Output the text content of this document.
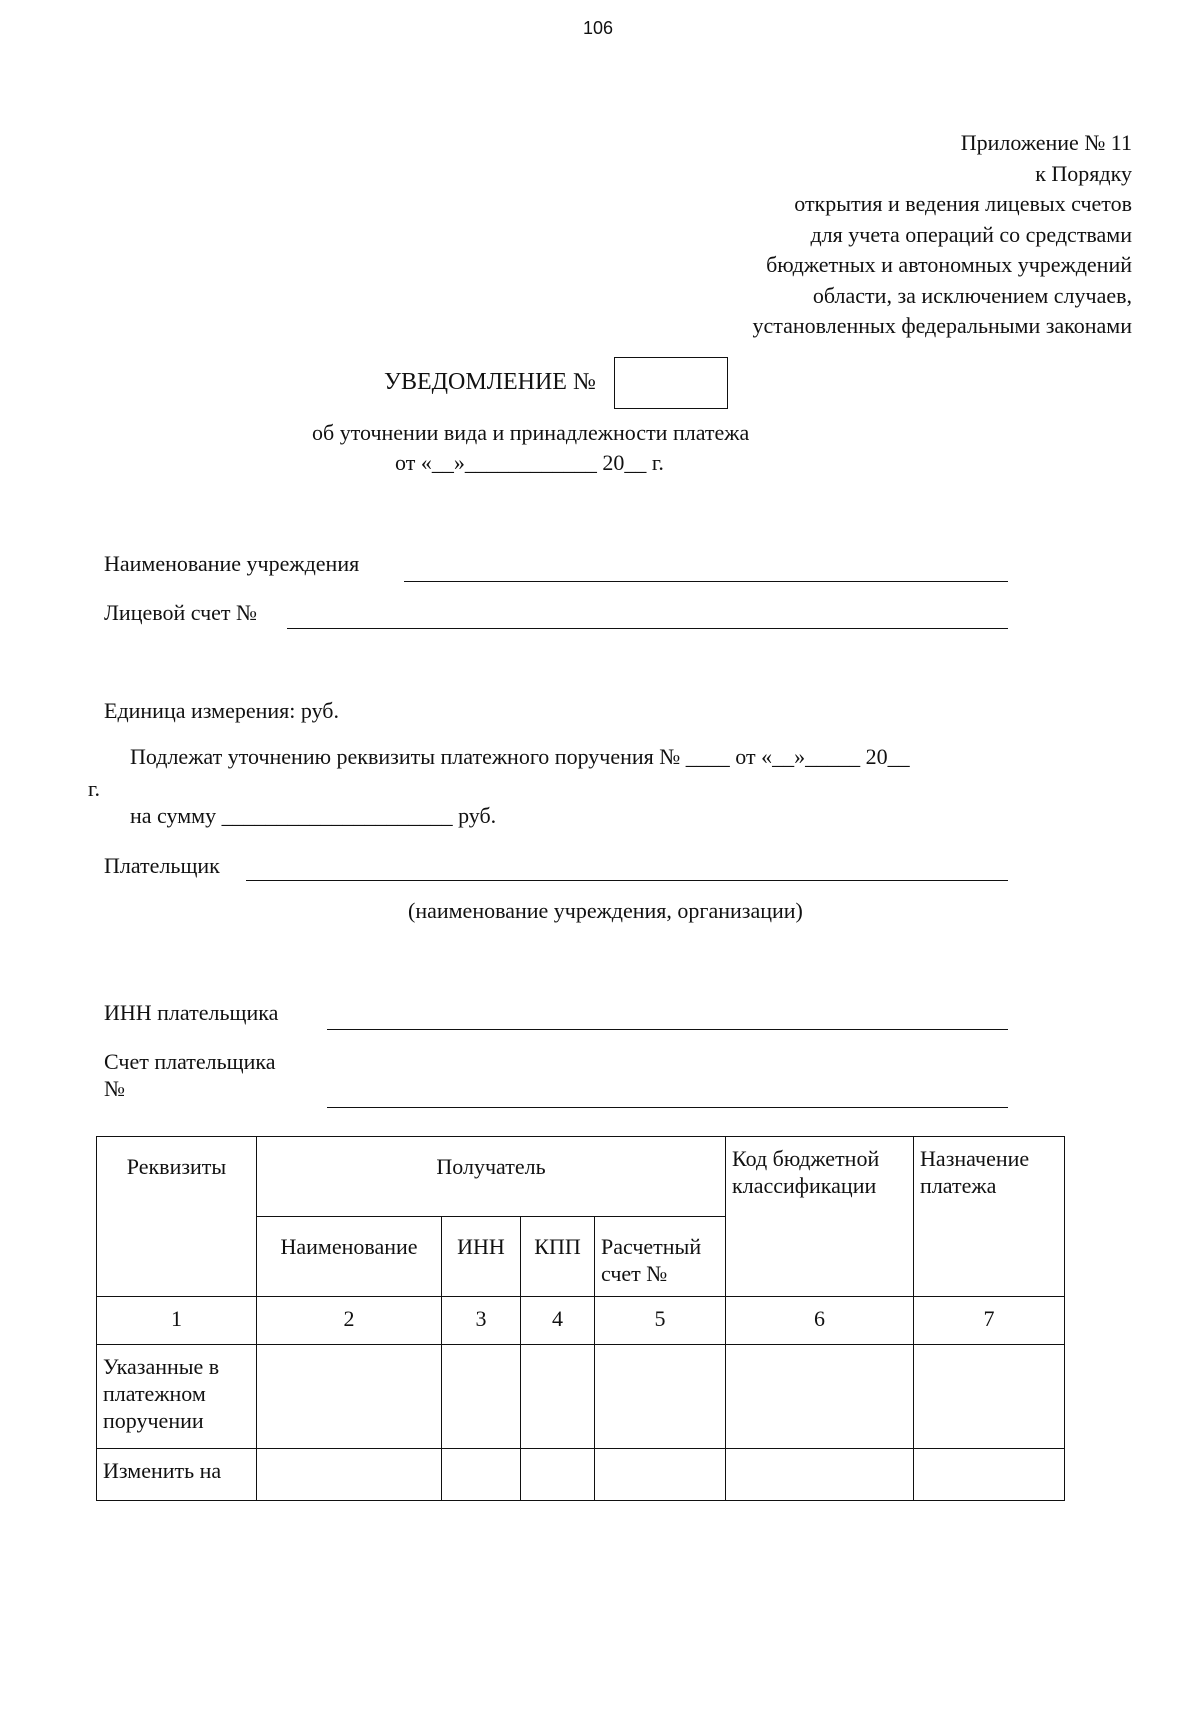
106
Приложение № 11
к Порядку
открытия и ведения лицевых счетов
для учета операций со средствами
бюджетных и автономных учреждений
области, за исключением случаев,
установленных федеральными законами
УВЕДОМЛЕНИЕ №
об уточнении вида и принадлежности платежа
от «__»____________ 20__ г.
Наименование учреждения
Лицевой счет №
Единица измерения: руб.
Подлежат уточнению реквизиты платежного поручения № ____ от «__»_____ 20__
г.
на сумму _____________________ руб.
Плательщик
(наименование учреждения, организации)
ИНН плательщика
Счет плательщика
№
Реквизиты	Получатель				Код бюджетной классификации	Назначение платежа
	Наименование	ИНН	КПП	Расчетный счет №		
1	2	3	4	5	6	7
Указанные в платежном поручении						
Изменить на						
